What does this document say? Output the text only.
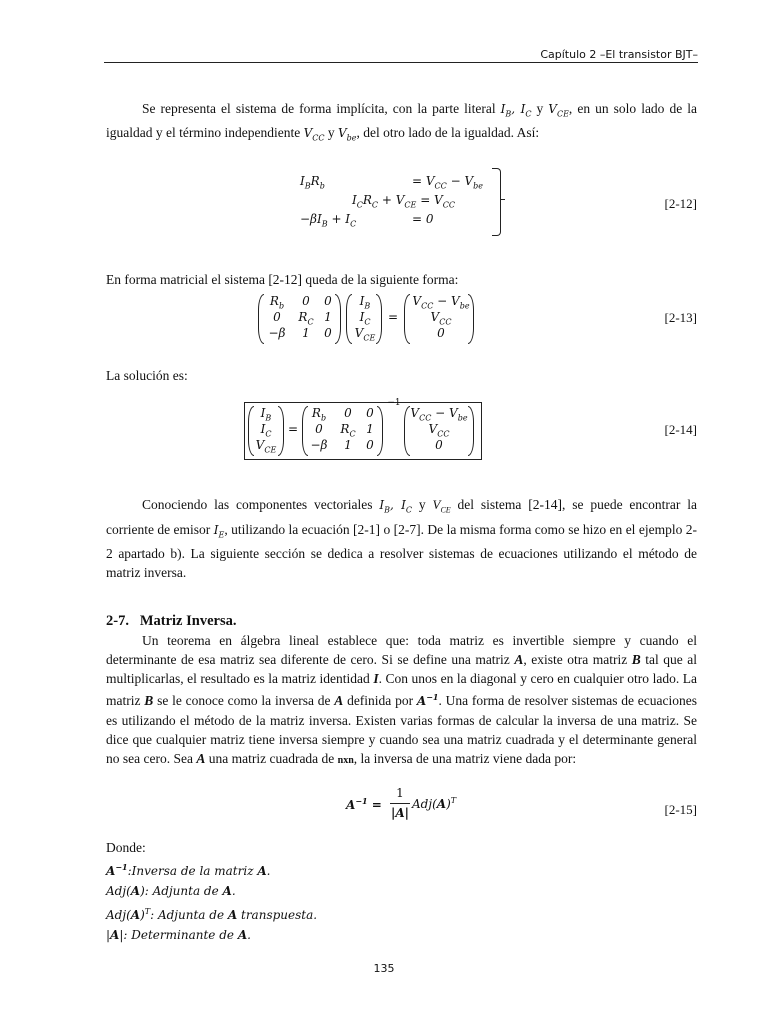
Capítulo 2 –El transistor BJT–

Se representa el sistema de forma implícita, con la parte literal $I_B$, $I_C$ y $V_{CE}$, en un solo lado de la igualdad y el término independiente $V_{CC}$ y $V_{be}$, del otro lado de la igualdad. Así:

$I_BR_b$	= $V_{CC} - V_{be}$
$I_CR_C + V_{CE} = V_{CC}$
$-\beta I_B + I_C$	= 0
[2-12]

En forma matricial el sistema [2-12] queda de la siguiente forma:

$R_b$	0	0
0	$R_C$ 1
−β	1	0
$I_B$
$I_C$
$V_{CE}$
=
$V_{CC} - V_{be}$
$V_{CC}$
0
[2-13]

La solución es:

$I_B$
$I_C$
$V_{CE}$
=
$R_b$	0	0
0	$R_C$ 1
−β	1	0
−1
$V_{CC} - V_{be}$
$V_{CC}$
0
[2-14]

Conociendo las componentes vectoriales $I_B$, $I_C$ y $V_{CE}$ del sistema [2-14], se puede encontrar la corriente de emisor $I_E$, utilizando la ecuación [2-1] o [2-7]. De la misma forma como se hizo en el ejemplo 2-2 apartado b). La siguiente sección se dedica a resolver sistemas de ecuaciones utilizando el método de matriz inversa.

2-7.   Matriz Inversa.

Un teorema en álgebra lineal establece que: toda matriz es invertible siempre y cuando el determinante de esa matriz sea diferente de cero. Si se define una matriz A, existe otra matriz B tal que al multiplicarlas, el resultado es la matriz identidad I. Con unos en la diagonal y cero en cualquier otro lado. La matriz B se le conoce como la inversa de A definida por $A^{-1}$. Una forma de resolver sistemas de ecuaciones es utilizando el método de la matriz inversa. Existen varias formas de calcular la inversa de una matriz. Se dice que cualquier matriz tiene inversa siempre y cuando sea una matriz cuadrada y el determinante general no sea cero. Sea A una matriz cuadrada de nxn, la inversa de una matriz viene dada por:

$A^{-1}$ =
1
|A|
$Adj(A)^T$
[2-15]
Donde:
$A^{-1}:Inversa$ de la matriz A.
Adj(A): Adjunta de A.
$Adj(A)^T$: Adjunta de A transpuesta.
|A|: Determinante de A.
135
